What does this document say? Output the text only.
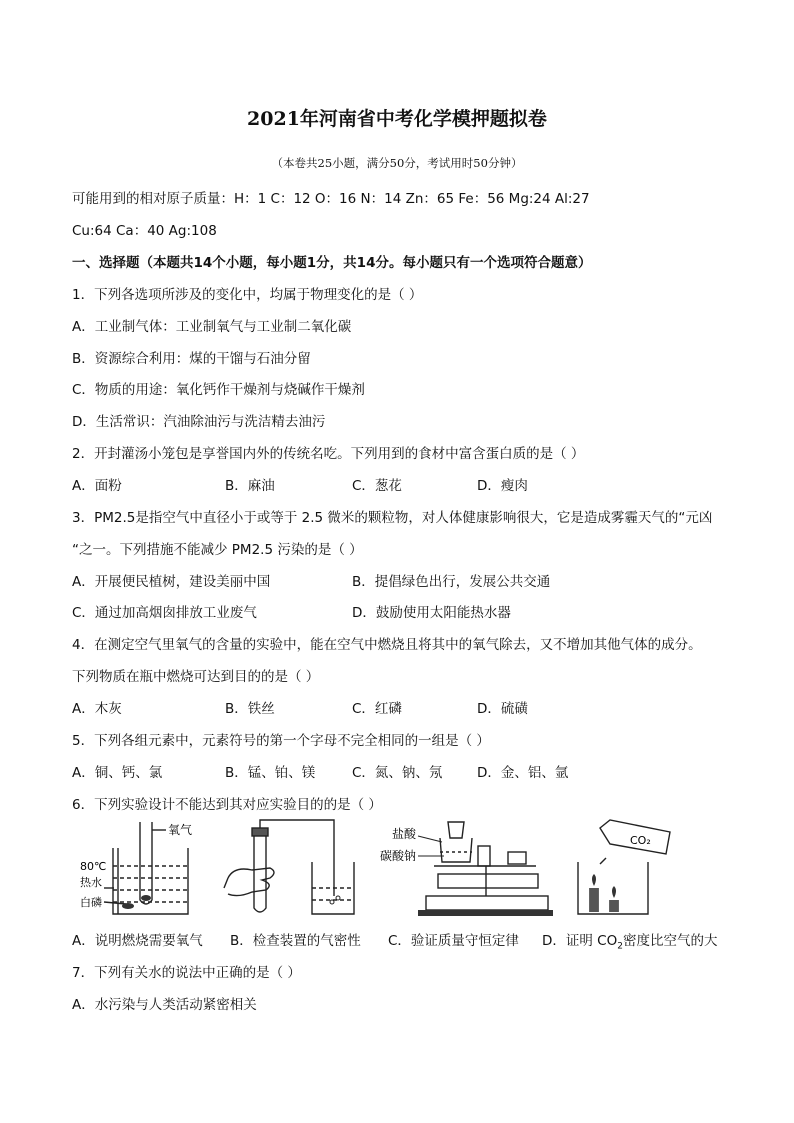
2021年河南省中考化学模押题拟卷
（本卷共25小题，满分50分，考试用时50分钟）
可能用到的相对原子质量：H：1 C：12 O：16 N：14 Zn：65 Fe：56 Mg:24 Al:27
Cu:64 Ca：40 Ag:108
一、选择题（本题共14个小题，每小题1分，共14分。每小题只有一个选项符合题意）
1．下列各选项所涉及的变化中，均属于物理变化的是（ ）
A．工业制气体：工业制氧气与工业制二氧化碳
B．资源综合利用：煤的干馏与石油分留
C．物质的用途：氧化钙作干燥剂与烧碱作干燥剂
D．生活常识：汽油除油污与洗洁精去油污
2．开封灌汤小笼包是享誉国内外的传统名吃。下列用到的食材中富含蛋白质的是（ ）
A．面粉	B．麻油	C．葱花	D．瘦肉
3．PM2.5是指空气中直径小于或等于 2.5 微米的颗粒物，对人体健康影响很大，它是造成雾霾天气的“元凶
“之一。下列措施不能减少 PM2.5 污染的是（ ）
A．开展便民植树，建设美丽中国	B．提倡绿色出行，发展公共交通
C．通过加高烟囱排放工业废气	D．鼓励使用太阳能热水器
4．在测定空气里氧气的含量的实验中，能在空气中燃烧且将其中的氧气除去，又不增加其他气体的成分。
下列物质在瓶中燃烧可达到目的的是（ ）
A．木灰	B．铁丝	C．红磷	D．硫磺
5．下列各组元素中，元素符号的第一个字母不完全相同的一组是（ ）
A．铜、钙、氯	B．锰、铂、镁	C．氮、钠、氖	D．金、铝、氩
6．下列实验设计不能达到其对应实验目的的是（ ）
氧气
80℃
热水
白磷
盐酸
碳酸钠
CO₂
A．说明燃烧需要氧气 B．检查装置的气密性 C．验证质量守恒定律 D．证明 $CO_2$密度比空气的大
7．下列有关水的说法中正确的是（ ）
A．水污染与人类活动紧密相关
